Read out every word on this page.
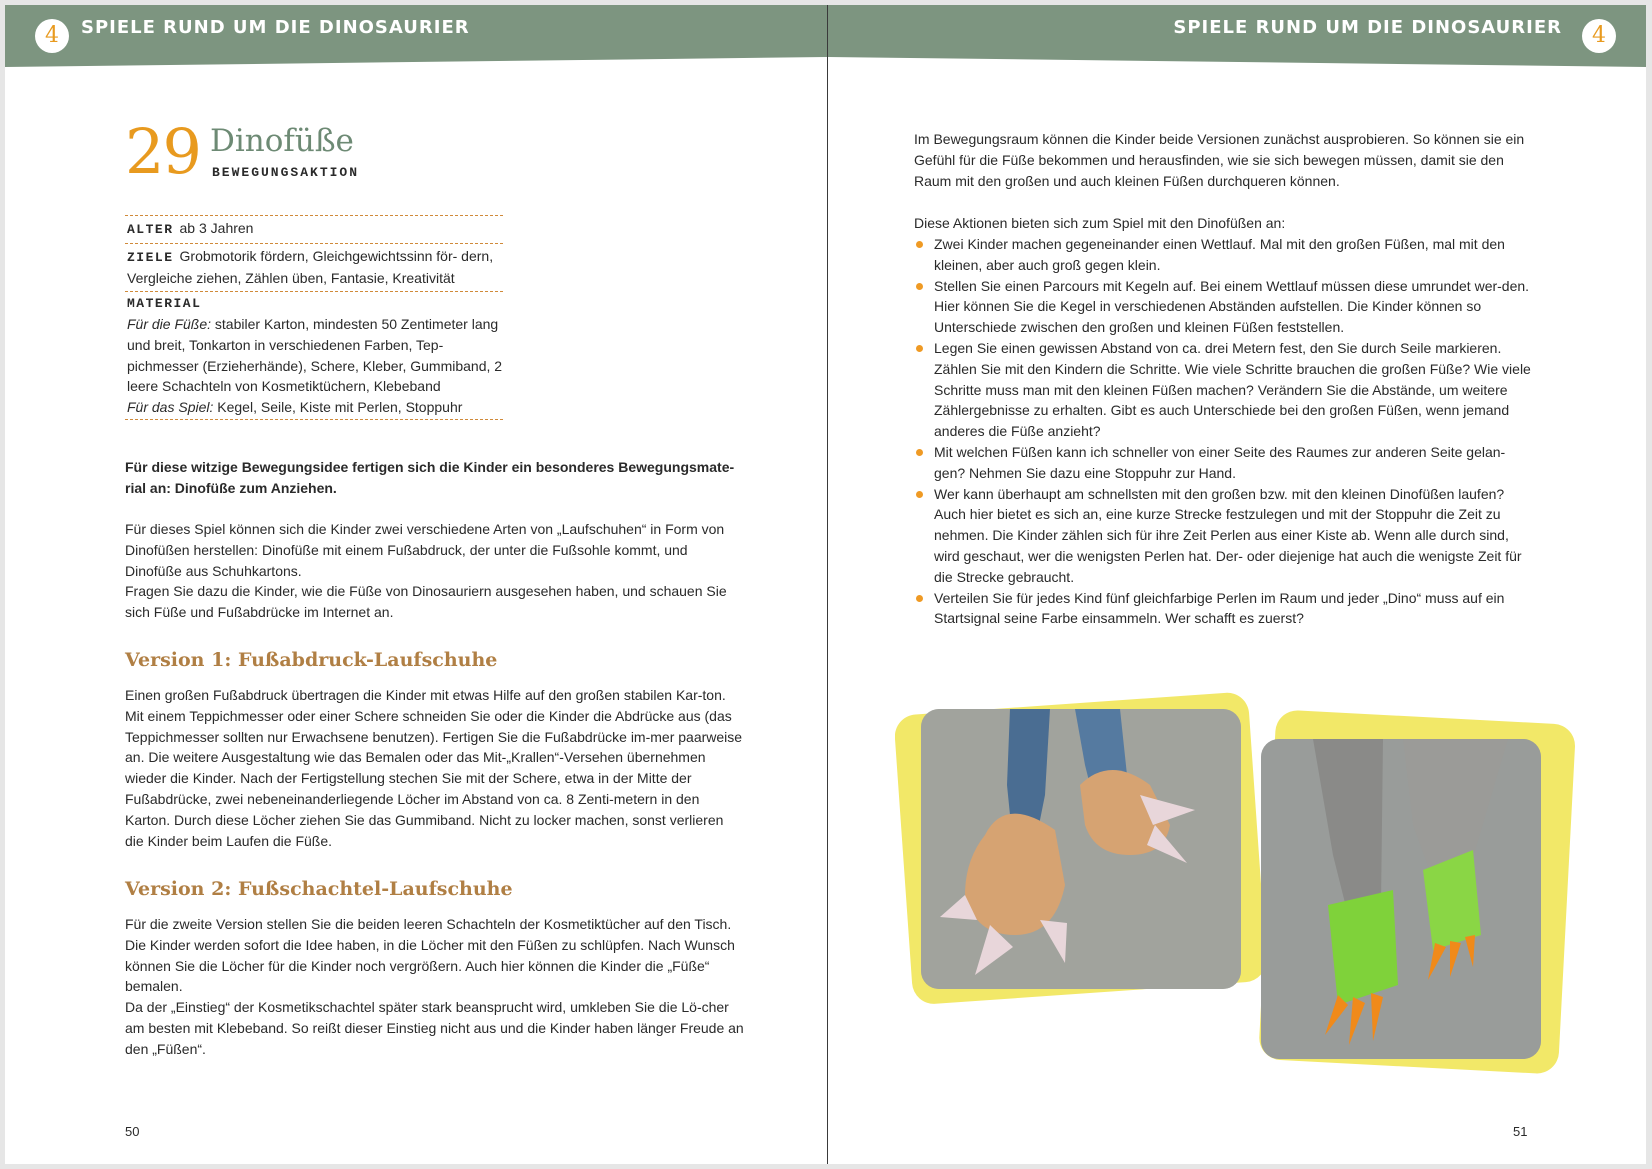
4	SPIELE RUND UM DIE DINOSAURIER	SPIELE RUND UM DIE DINOSAURIER	4
29 Dinofüße
BEWEGUNGSAKTION
ALTER ab 3 Jahren
ZIELE Grobmotorik fördern, Gleichgewichtssinn för- dern, Vergleiche ziehen, Zählen üben, Fantasie, Kreativität
MATERIAL
Für die Füße: stabiler Karton, mindesten 50 Zentimeter lang und breit, Tonkarton in verschiedenen Farben, Tep-pichmesser (Erzieherhände), Schere, Kleber, Gummiband, 2 leere Schachteln von Kosmetiktüchern, Klebeband
Für das Spiel: Kegel, Seile, Kiste mit Perlen, Stoppuhr

Für diese witzige Bewegungsidee fertigen sich die Kinder ein besonderes Bewegungsmate-rial an: Dinofüße zum Anziehen.

Für dieses Spiel können sich die Kinder zwei verschiedene Arten von „Laufschuhen“ in Form von Dinofüßen herstellen: Dinofüße mit einem Fußabdruck, der unter die Fußsohle kommt, und Dinofüße aus Schuhkartons.

Fragen Sie dazu die Kinder, wie die Füße von Dinosauriern ausgesehen haben, und schauen Sie sich Füße und Fußabdrücke im Internet an.

Version 1: Fußabdruck-Laufschuhe

Einen großen Fußabdruck übertragen die Kinder mit etwas Hilfe auf den großen stabilen Kar-ton. Mit einem Teppichmesser oder einer Schere schneiden Sie oder die Kinder die Abdrücke aus (das Teppichmesser sollten nur Erwachsene benutzen). Fertigen Sie die Fußabdrücke im-mer paarweise an. Die weitere Ausgestaltung wie das Bemalen oder das Mit-„Krallen“-Versehen übernehmen wieder die Kinder. Nach der Fertigstellung stechen Sie mit der Schere, etwa in der Mitte der Fußabdrücke, zwei nebeneinanderliegende Löcher im Abstand von ca. 8 Zenti-metern in den Karton. Durch diese Löcher ziehen Sie das Gummiband. Nicht zu locker machen, sonst verlieren die Kinder beim Laufen die Füße.

Version 2: Fußschachtel-Laufschuhe

Für die zweite Version stellen Sie die beiden leeren Schachteln der Kosmetiktücher auf den Tisch. Die Kinder werden sofort die Idee haben, in die Löcher mit den Füßen zu schlüpfen. Nach Wunsch können Sie die Löcher für die Kinder noch vergrößern. Auch hier können die Kinder die „Füße“ bemalen.

Da der „Einstieg“ der Kosmetikschachtel später stark beansprucht wird, umkleben Sie die Lö-cher am besten mit Klebeband. So reißt dieser Einstieg nicht aus und die Kinder haben länger Freude an den „Füßen“.

50

Im Bewegungsraum können die Kinder beide Versionen zunächst ausprobieren. So können sie ein Gefühl für die Füße bekommen und herausfinden, wie sie sich bewegen müssen, damit sie den Raum mit den großen und auch kleinen Füßen durchqueren können.

Diese Aktionen bieten sich zum Spiel mit den Dinofüßen an:

Zwei Kinder machen gegeneinander einen Wettlauf. Mal mit den großen Füßen, mal mit den kleinen, aber auch groß gegen klein.
Stellen Sie einen Parcours mit Kegeln auf. Bei einem Wettlauf müssen diese umrundet wer-den. Hier können Sie die Kegel in verschiedenen Abständen aufstellen. Die Kinder können so Unterschiede zwischen den großen und kleinen Füßen feststellen.
Legen Sie einen gewissen Abstand von ca. drei Metern fest, den Sie durch Seile markieren. Zählen Sie mit den Kindern die Schritte. Wie viele Schritte brauchen die großen Füße? Wie viele Schritte muss man mit den kleinen Füßen machen? Verändern Sie die Abstände, um weitere Zählergebnisse zu erhalten. Gibt es auch Unterschiede bei den großen Füßen, wenn jemand anderes die Füße anzieht?
Mit welchen Füßen kann ich schneller von einer Seite des Raumes zur anderen Seite gelan-gen? Nehmen Sie dazu eine Stoppuhr zur Hand.
Wer kann überhaupt am schnellsten mit den großen bzw. mit den kleinen Dinofüßen laufen? Auch hier bietet es sich an, eine kurze Strecke festzulegen und mit der Stoppuhr die Zeit zu nehmen. Die Kinder zählen sich für ihre Zeit Perlen aus einer Kiste ab. Wenn alle durch sind, wird geschaut, wer die wenigsten Perlen hat. Der- oder diejenige hat auch die wenigste Zeit für die Strecke gebraucht.
Verteilen Sie für jedes Kind fünf gleichfarbige Perlen im Raum und jeder „Dino“ muss auf ein Startsignal seine Farbe einsammeln. Wer schafft es zuerst?
51
